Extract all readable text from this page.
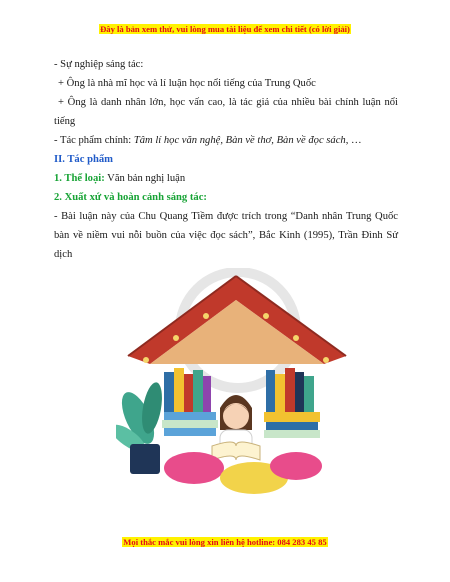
Đây là bản xem thử, vui lòng mua tài liệu để xem chi tiết (có lời giải)

- Sự nghiệp sáng tác:

+ Ông là nhà mĩ học và lí luận học nổi tiếng của Trung Quốc

+ Ông là danh nhân lớn, học vấn cao, là tác giả của nhiều bài chính luận nổi tiếng

- Tác phẩm chính: Tâm lí học văn nghệ, Bàn về thơ, Bàn về đọc sách, …

II. Tác phẩm

1. Thể loại: Văn bản nghị luận

2. Xuất xứ và hoàn cảnh sáng tác:

- Bài luận này của Chu Quang Tiềm được trích trong “Danh nhân Trung Quốc bàn về niềm vui nỗi buồn của việc đọc sách”, Bắc Kinh (1995), Trần Đình Sử dịch

Mọi thắc mắc vui lòng xin liên hệ hotline: 084 283 45 85
